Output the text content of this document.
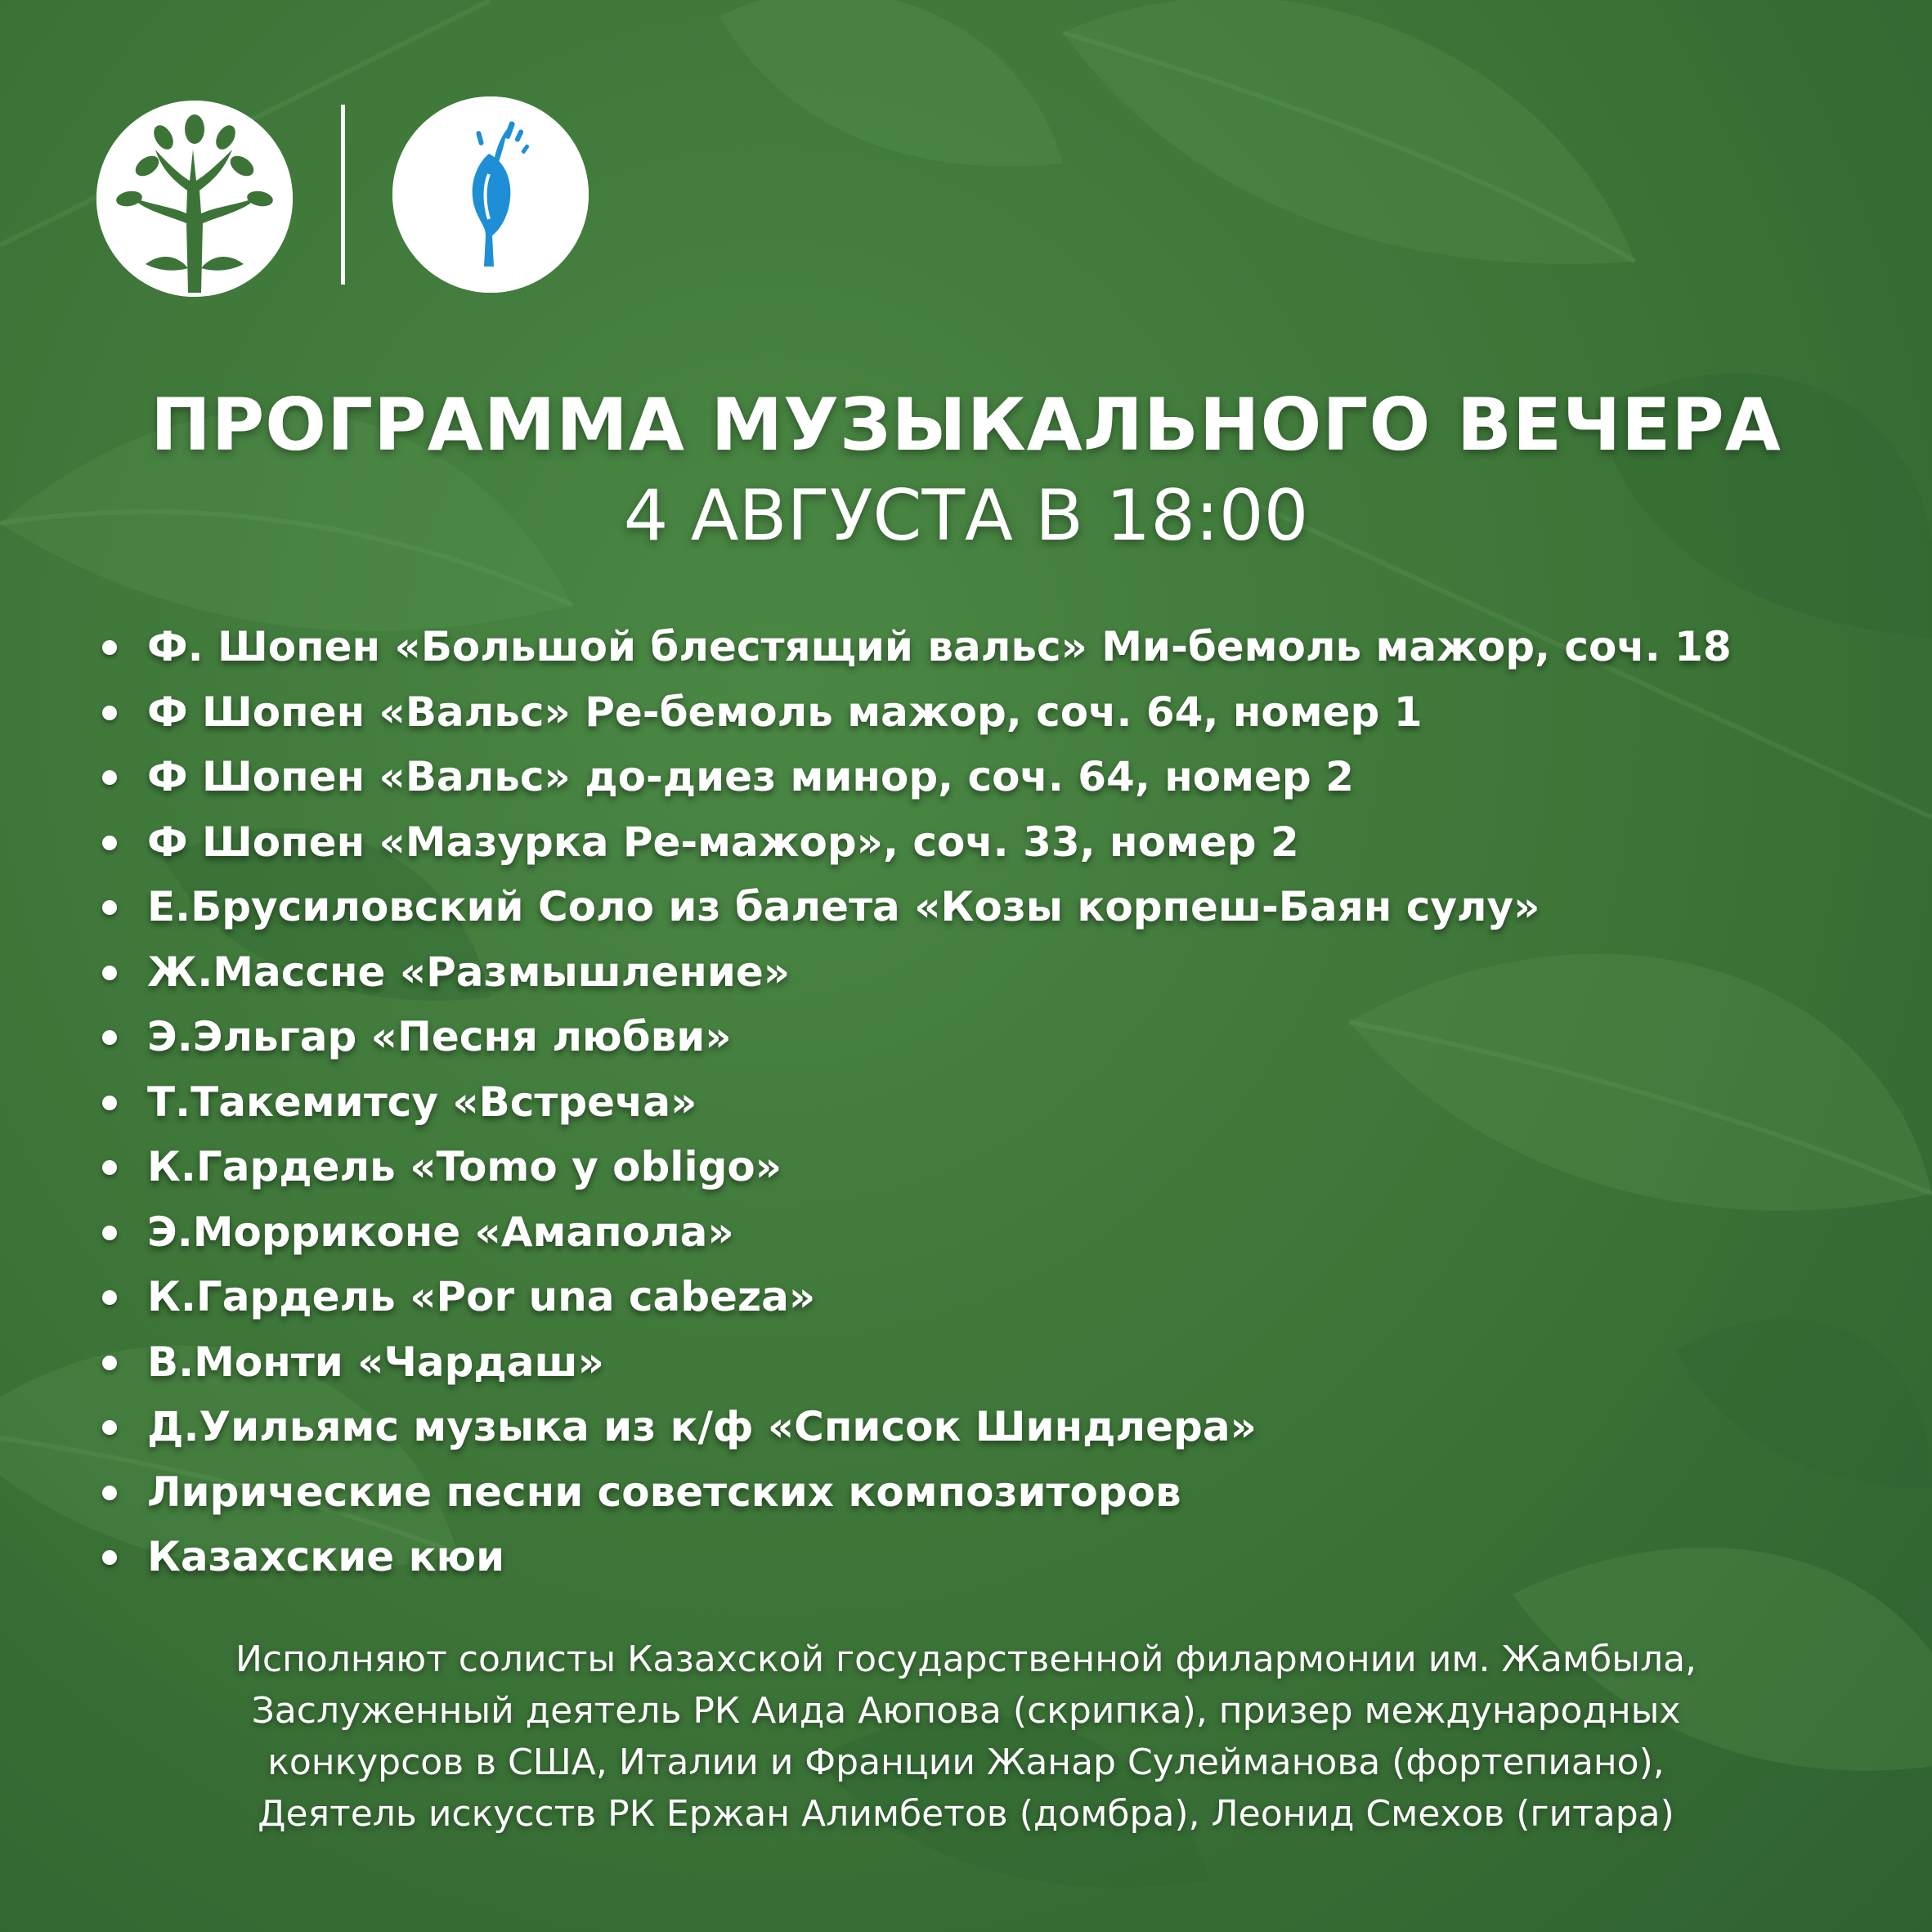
ПРОГРАММА МУЗЫКАЛЬНОГО ВЕЧЕРА
4 АВГУСТА В 18:00
Ф. Шопен «Большой блестящий вальс» Ми-бемоль мажор, соч. 18
Ф Шопен «Вальс» Ре-бемоль мажор, соч. 64, номер 1
Ф Шопен «Вальс» до-диез минор, соч. 64, номер 2
Ф Шопен «Мазурка Ре-мажор», соч. 33, номер 2
Е.Брусиловский Соло из балета «Козы корпеш-Баян сулу»
Ж.Массне «Размышление»
Э.Эльгар «Песня любви»
Т.Такемитсу «Встреча»
К.Гардель «Tomo y obligo»
Э.Морриконе «Амапола»
К.Гардель «Por una cabeza»
В.Монти «Чардаш»
Д.Уильямс музыка из к/ф «Список Шиндлера»
Лирические песни советских композиторов
Казахские кюи
Исполняют солисты Казахской государственной филармонии им. Жамбыла,
Заслуженный деятель РК Аида Аюпова (скрипка), призер международных
конкурсов в США, Италии и Франции Жанар Сулейманова (фортепиано),
Деятель искусств РК Ержан Алимбетов (домбра), Леонид Смехов (гитара)
